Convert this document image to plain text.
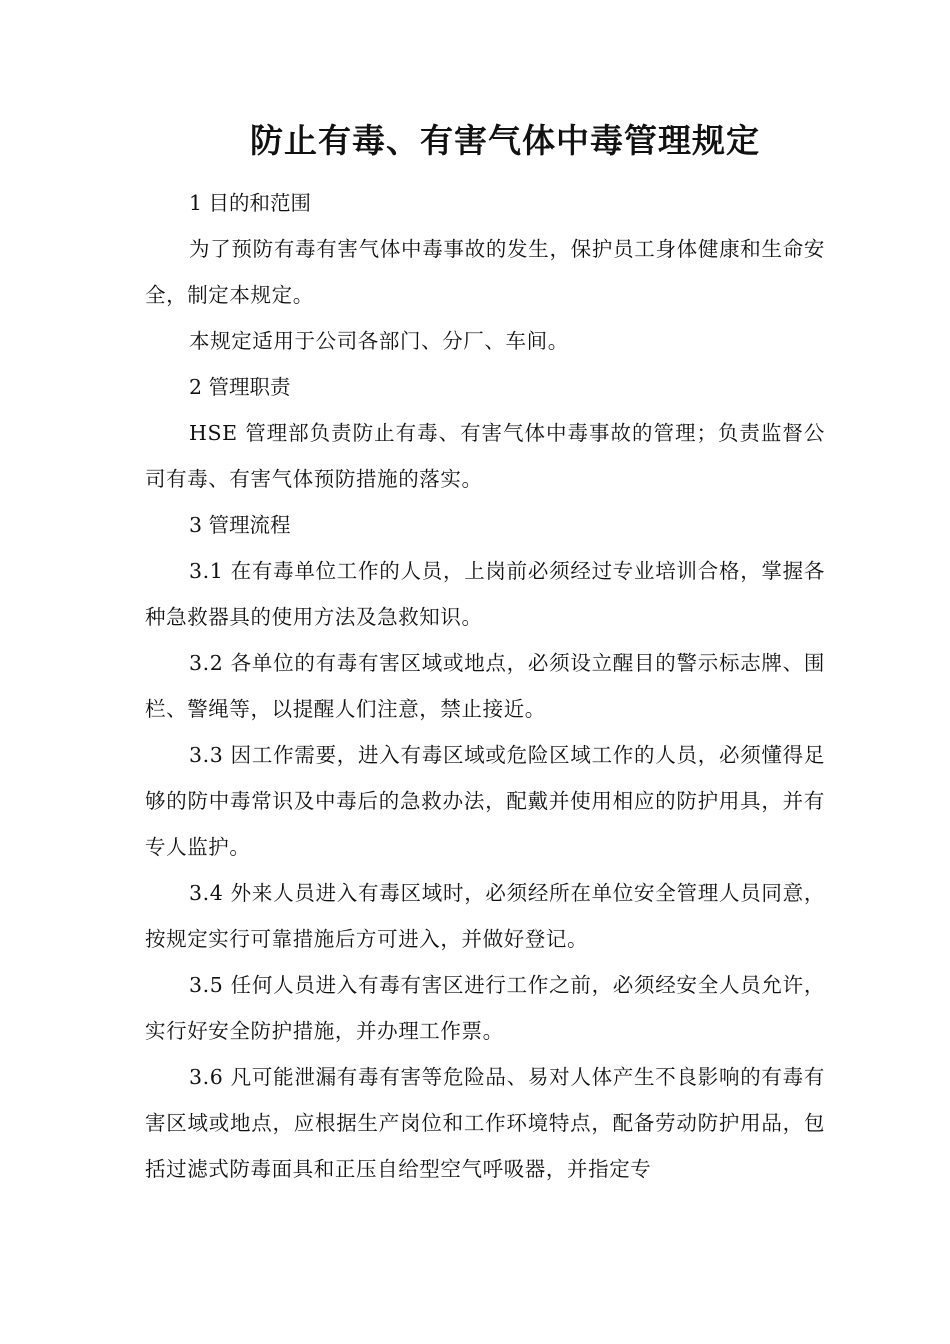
防止有毒、有害气体中毒管理规定

1 目的和范围

为了预防有毒有害气体中毒事故的发生，保护员工身体健康和生命安全，制定本规定。

本规定适用于公司各部门、分厂、车间。

2 管理职责

HSE 管理部负责防止有毒、有害气体中毒事故的管理；负责监督公司有毒、有害气体预防措施的落实。

3 管理流程

3.1 在有毒单位工作的人员，上岗前必须经过专业培训合格，掌握各种急救器具的使用方法及急救知识。

3.2 各单位的有毒有害区域或地点，必须设立醒目的警示标志牌、围栏、警绳等，以提醒人们注意，禁止接近。

3.3 因工作需要，进入有毒区域或危险区域工作的人员，必须懂得足够的防中毒常识及中毒后的急救办法，配戴并使用相应的防护用具，并有专人监护。

3.4 外来人员进入有毒区域时，必须经所在单位安全管理人员同意，按规定实行可靠措施后方可进入，并做好登记。

3.5 任何人员进入有毒有害区进行工作之前，必须经安全人员允许，实行好安全防护措施，并办理工作票。

3.6 凡可能泄漏有毒有害等危险品、易对人体产生不良影响的有毒有害区域或地点，应根据生产岗位和工作环境特点，配备劳动防护用品，包括过滤式防毒面具和正压自给型空气呼吸器，并指定专
